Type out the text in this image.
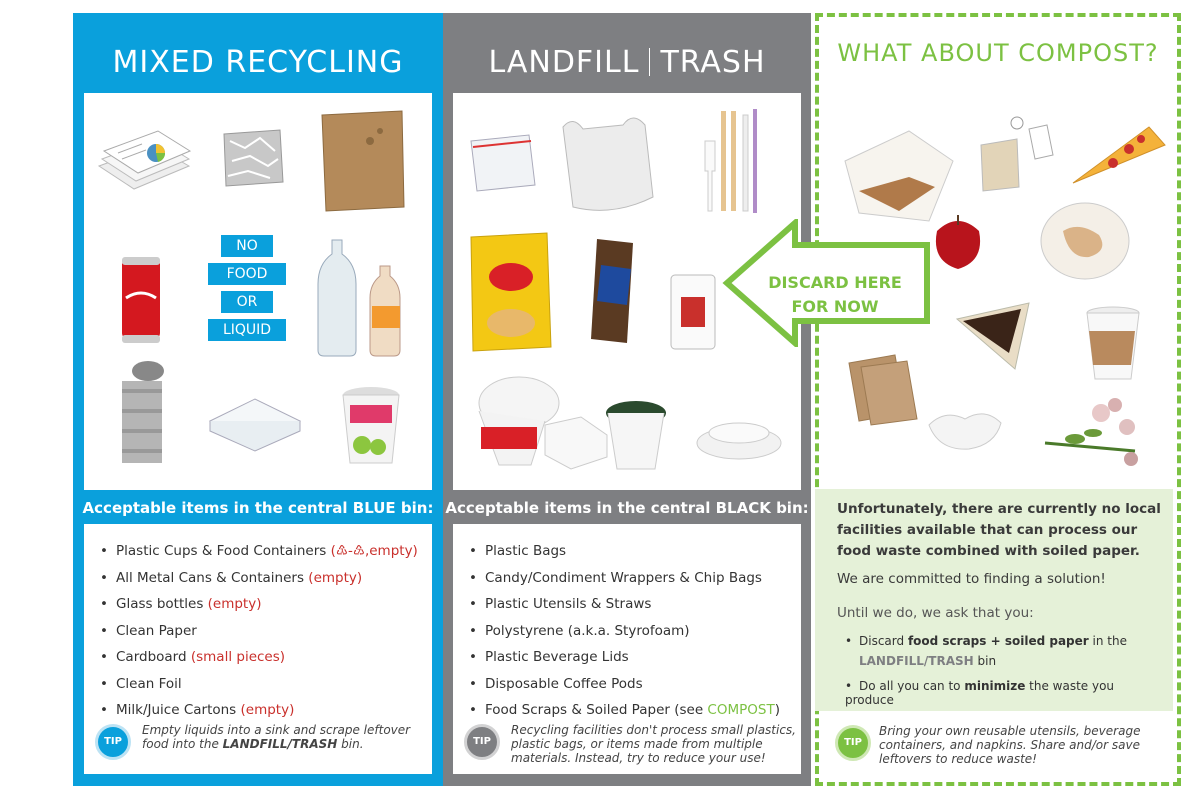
MIXED RECYCLING
NO
FOOD
OR
LIQUID
Acceptable items in the central BLUE bin:
• Plastic Cups & Food Containers (♳-♹,empty)
• All Metal Cans & Containers (empty)
• Glass bottles (empty)
• Clean Paper
• Cardboard (small pieces)
• Clean Foil
• Milk/Juice Cartons (empty)
TIP
Empty liquids into a sink and scrape leftover food into the LANDFILL/TRASH bin.
LANDFILL TRASH
Acceptable items in the central BLACK bin:
• Plastic Bags
• Candy/Condiment Wrappers & Chip Bags
• Plastic Utensils & Straws
• Polystyrene (a.k.a. Styrofoam)
• Plastic Beverage Lids
• Disposable Coffee Pods
• Food Scraps & Soiled Paper (see COMPOST)
TIP
Recycling facilities don't process small plastics, plastic bags, or items made from multiple materials. Instead, try to reduce your use!
WHAT ABOUT COMPOST?
DISCARD HERE
FOR NOW
Unfortunately, there are currently no local facilities available that can process our food waste combined with soiled paper.
We are committed to finding a solution!
Until we do, we ask that you:
• Discard food scraps + soiled paper in the
LANDFILL/TRASH bin
• Do all you can to minimize the waste you produce
TIP
Bring your own reusable utensils, beverage containers, and napkins. Share and/or save leftovers to reduce waste!
